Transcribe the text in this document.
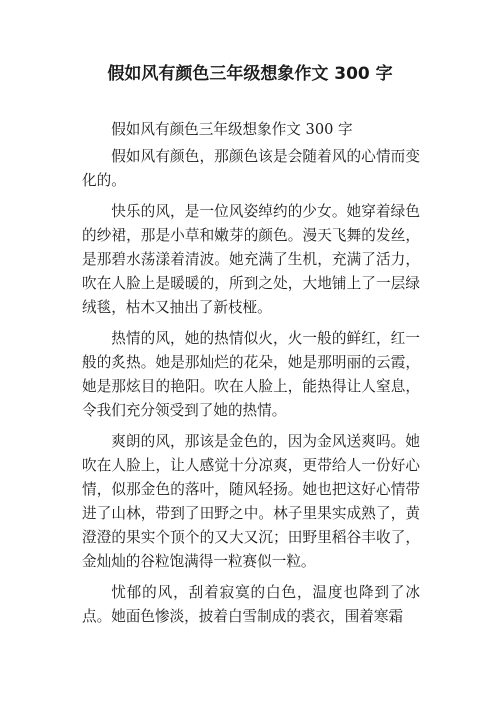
假如风有颜色三年级想象作文 300 字

假如风有颜色三年级想象作文 300 字

假如风有颜色，那颜色该是会随着风的心情而变化的。

快乐的风，是一位风姿绰约的少女。她穿着绿色的纱裙，那是小草和嫩芽的颜色。漫天飞舞的发丝，是那碧水荡漾着清波。她充满了生机，充满了活力，吹在人脸上是暖暖的，所到之处，大地铺上了一层绿绒毯，枯木又抽出了新枝桠。

热情的风，她的热情似火，火一般的鲜红，红一般的炙热。她是那灿烂的花朵，她是那明丽的云霞，她是那炫目的艳阳。吹在人脸上，能热得让人窒息，令我们充分领受到了她的热情。

爽朗的风，那该是金色的，因为金风送爽吗。她吹在人脸上，让人感觉十分凉爽，更带给人一份好心情，似那金色的落叶，随风轻扬。她也把这好心情带进了山林，带到了田野之中。林子里果实成熟了，黄澄澄的果实个顶个的又大又沉；田野里稻谷丰收了，金灿灿的谷粒饱满得一粒赛似一粒。

忧郁的风，刮着寂寞的白色，温度也降到了冰点。她面色惨淡，披着白雪制成的裘衣，围着寒霜
